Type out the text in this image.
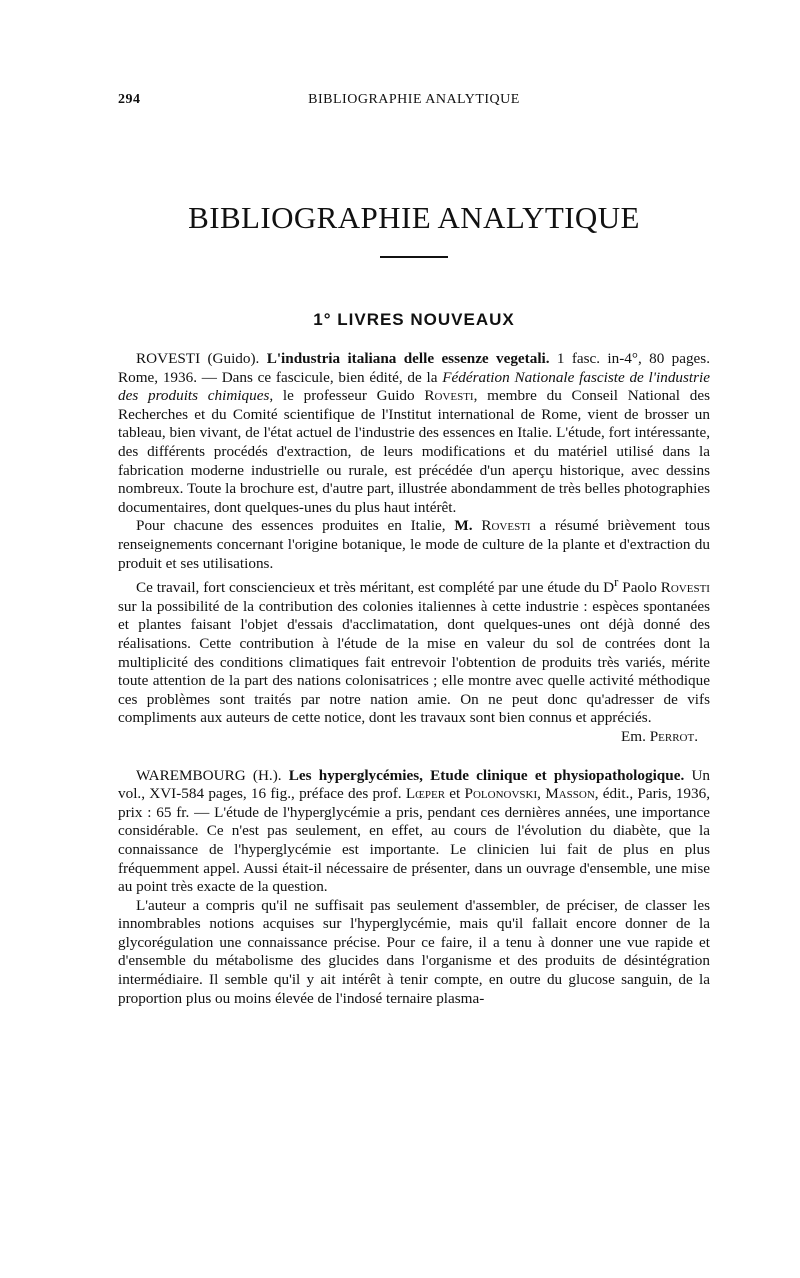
294	BIBLIOGRAPHIE ANALYTIQUE
BIBLIOGRAPHIE ANALYTIQUE
1° LIVRES NOUVEAUX

ROVESTI (Guido). L'industria italiana delle essenze vegetali. 1 fasc. in-4°, 80 pages. Rome, 1936. — Dans ce fascicule, bien édité, de la Fédération Nationale fasciste de l'industrie des produits chimiques, le professeur Guido Rovesti, membre du Conseil National des Recherches et du Comité scientifique de l'Institut international de Rome, vient de brosser un tableau, bien vivant, de l'état actuel de l'industrie des essences en Italie. L'étude, fort intéressante, des différents procédés d'extraction, de leurs modifications et du matériel utilisé dans la fabrication moderne industrielle ou rurale, est précédée d'un aperçu historique, avec dessins nombreux. Toute la brochure est, d'autre part, illustrée abondamment de très belles photographies documentaires, dont quelques-unes du plus haut intérêt.

Pour chacune des essences produites en Italie, M. Rovesti a résumé brièvement tous renseignements concernant l'origine botanique, le mode de culture de la plante et d'extraction du produit et ses utilisations.

Ce travail, fort consciencieux et très méritant, est complété par une étude du $D^r$ Paolo Rovesti sur la possibilité de la contribution des colonies italiennes à cette industrie : espèces spontanées et plantes faisant l'objet d'essais d'acclimatation, dont quelques-unes ont déjà donné des réalisations. Cette contribution à l'étude de la mise en valeur du sol de contrées dont la multiplicité des conditions climatiques fait entrevoir l'obtention de produits très variés, mérite toute attention de la part des nations colonisatrices ; elle montre avec quelle activité méthodique ces problèmes sont traités par notre nation amie. On ne peut donc qu'adresser de vifs compliments aux auteurs de cette notice, dont les travaux sont bien connus et appréciés.

Em. Perrot.

WAREMBOURG (H.). Les hyperglycémies, Etude clinique et physiopathologique. Un vol., XVI-584 pages, 16 fig., préface des prof. Lœper et Polonovski, Masson, édit., Paris, 1936, prix : 65 fr. — L'étude de l'hyperglycémie a pris, pendant ces dernières années, une importance considérable. Ce n'est pas seulement, en effet, au cours de l'évolution du diabète, que la connaissance de l'hyperglycémie est importante. Le clinicien lui fait de plus en plus fréquemment appel. Aussi était-il nécessaire de présenter, dans un ouvrage d'ensemble, une mise au point très exacte de la question.

L'auteur a compris qu'il ne suffisait pas seulement d'assembler, de préciser, de classer les innombrables notions acquises sur l'hyperglycémie, mais qu'il fallait encore donner de la glycorégulation une connaissance précise. Pour ce faire, il a tenu à donner une vue rapide et d'ensemble du métabolisme des glucides dans l'organisme et des produits de désintégration intermédiaire. Il semble qu'il y ait intérêt à tenir compte, en outre du glucose sanguin, de la proportion plus ou moins élevée de l'indosé ternaire plasma-
